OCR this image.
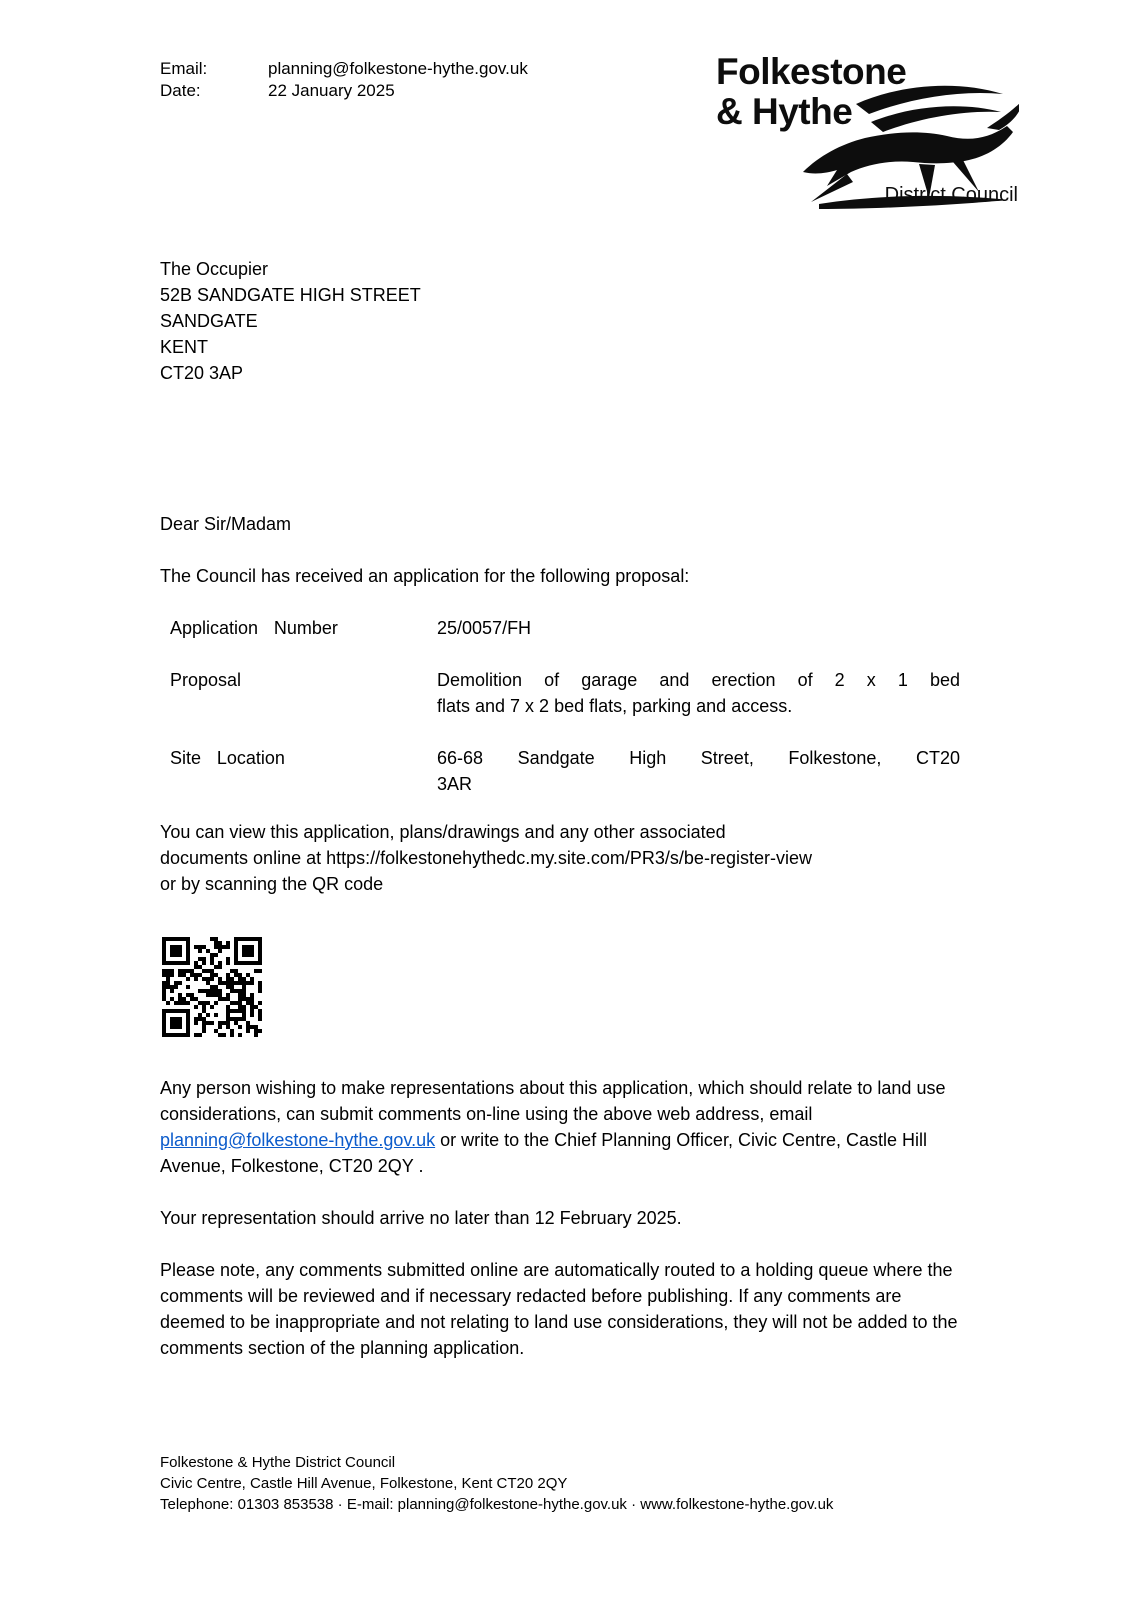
Email:	planning@folkestone-hythe.gov.uk
Date:	22 January 2025	Folkestone
& Hythe
District Council
The Occupier
52B SANDGATE HIGH STREET
SANDGATE
KENT
CT20 3AP
Dear Sir/Madam
The Council has received an application for the following proposal:
Application Number	25/0057/FH
Proposal	Demolition of garage and erection of 2 x 1 bed
flats and 7 x 2 bed flats, parking and access.
Site Location	66-68 Sandgate High Street, Folkestone, CT20
3AR
You can view this application, plans/drawings and any other associated
documents online at https://folkestonehythedc.my.site.com/PR3/s/be-register-view
or by scanning the QR code

Any person wishing to make representations about this application, which should relate to land use considerations, can submit comments on-line using the above web address, email planning@folkestone-hythe.gov.uk or write to the Chief Planning Officer, Civic Centre, Castle Hill Avenue, Folkestone, CT20 2QY .

Your representation should arrive no later than 12 February 2025.
Please note, any comments submitted online are automatically routed to a holding queue where the comments will be reviewed and if necessary redacted before publishing. If any comments are deemed to be inappropriate and not relating to land use considerations, they will not be added to the comments section of the planning application.
Folkestone & Hythe District Council
Civic Centre, Castle Hill Avenue, Folkestone, Kent CT20 2QY
Telephone: 01303 853538 · E-mail: planning@folkestone-hythe.gov.uk · www.folkestone-hythe.gov.uk
